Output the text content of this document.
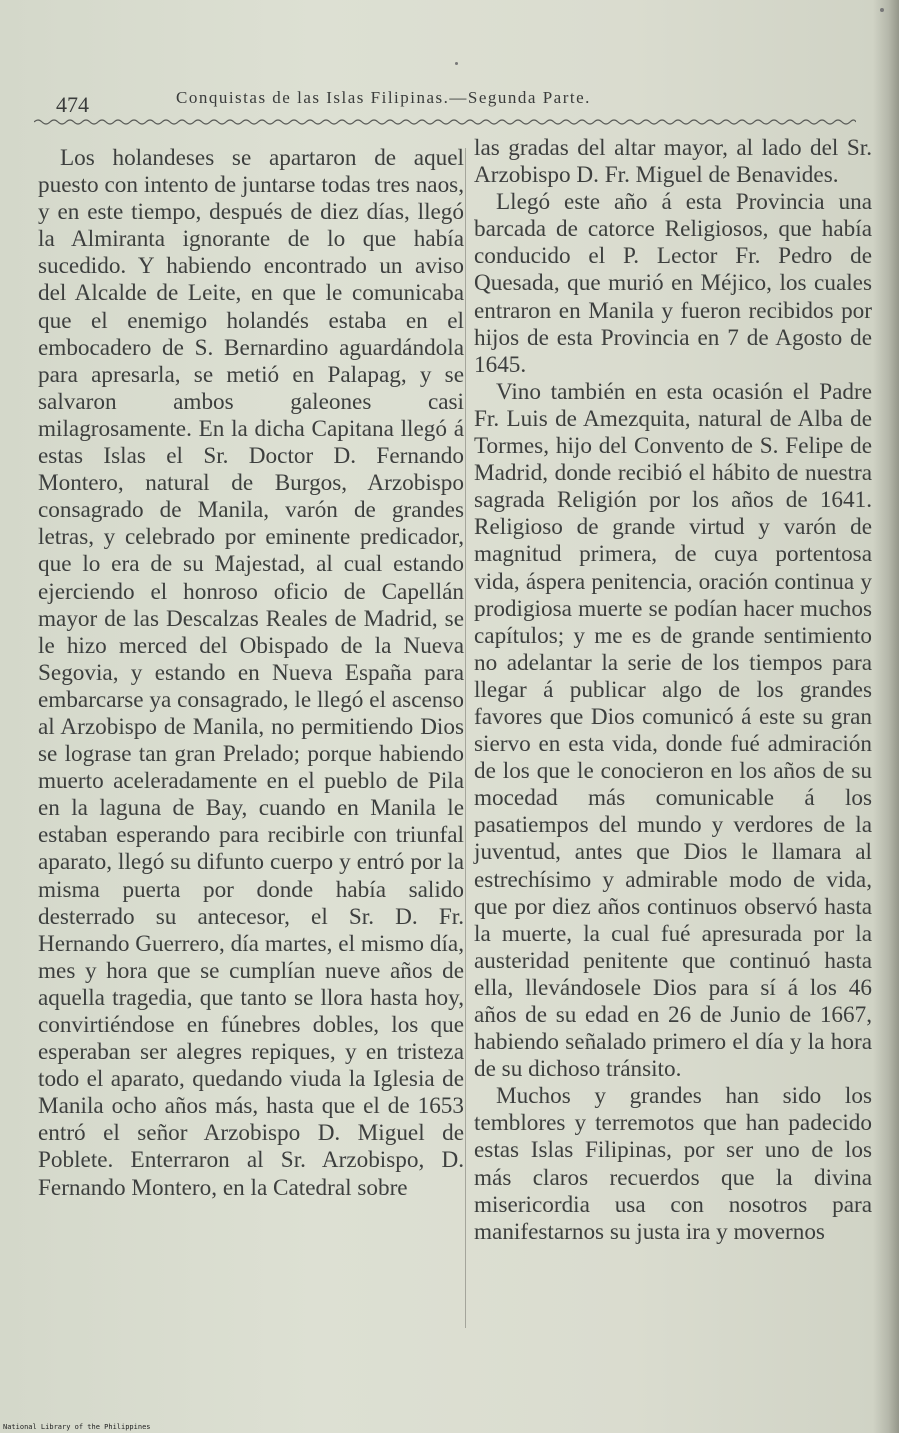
474	Conquistas de las Islas Filipinas.—Segunda Parte.

Los holandeses se apartaron de aquel puesto con intento de juntarse todas tres naos, y en este tiempo, después de diez días, llegó la Almiranta ignorante de lo que había sucedido. Y habiendo encontrado un aviso del Alcalde de Leite, en que le comunicaba que el enemigo holandés estaba en el embocadero de S. Bernardino aguardándola para apresarla, se metió en Palapag, y se salvaron ambos galeones casi milagrosamente. En la dicha Capitana llegó á estas Islas el Sr. Doctor D. Fernando Montero, natural de Burgos, Arzobispo consagrado de Manila, varón de grandes letras, y celebrado por eminente predicador, que lo era de su Majestad, al cual estando ejerciendo el honroso oficio de Capellán mayor de las Descalzas Reales de Madrid, se le hizo merced del Obispado de la Nueva Segovia, y estando en Nueva España para embarcarse ya consagrado, le llegó el ascenso al Arzobispo de Manila, no permitiendo Dios se lograse tan gran Prelado; porque habiendo muerto aceleradamente en el pueblo de Pila en la laguna de Bay, cuando en Manila le estaban esperando para recibirle con triunfal aparato, llegó su difunto cuerpo y entró por la misma puerta por donde había salido desterrado su antecesor, el Sr. D. Fr. Hernando Guerrero, día martes, el mismo día, mes y hora que se cumplían nueve años de aquella tragedia, que tanto se llora hasta hoy, convirtiéndose en fúnebres dobles, los que esperaban ser alegres repiques, y en tristeza todo el aparato, quedando viuda la Iglesia de Manila ocho años más, hasta que el de 1653 entró el señor Arzobispo D. Miguel de Poblete. Enterraron al Sr. Arzobispo, D. Fernando Montero, en la Catedral sobre

las gradas del altar mayor, al lado del Sr. Arzobispo D. Fr. Miguel de Benavides.

Llegó este año á esta Provincia una barcada de catorce Religiosos, que había conducido el P. Lector Fr. Pedro de Quesada, que murió en Méjico, los cuales entraron en Manila y fueron recibidos por hijos de esta Provincia en 7 de Agosto de 1645.

Vino también en esta ocasión el Padre Fr. Luis de Amezquita, natural de Alba de Tormes, hijo del Convento de S. Felipe de Madrid, donde recibió el hábito de nuestra sagrada Religión por los años de 1641. Religioso de grande virtud y varón de magnitud primera, de cuya portentosa vida, áspera penitencia, oración continua y prodigiosa muerte se podían hacer muchos capítulos; y me es de grande sentimiento no adelantar la serie de los tiempos para llegar á publicar algo de los grandes favores que Dios comunicó á este su gran siervo en esta vida, donde fué admiración de los que le conocieron en los años de su mocedad más comunicable á los pasatiempos del mundo y verdores de la juventud, antes que Dios le llamara al estrechísimo y admirable modo de vida, que por diez años continuos observó hasta la muerte, la cual fué apresurada por la austeridad penitente que continuó hasta ella, llevándosele Dios para sí á los 46 años de su edad en 26 de Junio de 1667, habiendo señalado primero el día y la hora de su dichoso tránsito.

Muchos y grandes han sido los temblores y terremotos que han padecido estas Islas Filipinas, por ser uno de los más claros recuerdos que la divina misericordia usa con nosotros para manifestarnos su justa ira y movernos

National Library of the Philippines
